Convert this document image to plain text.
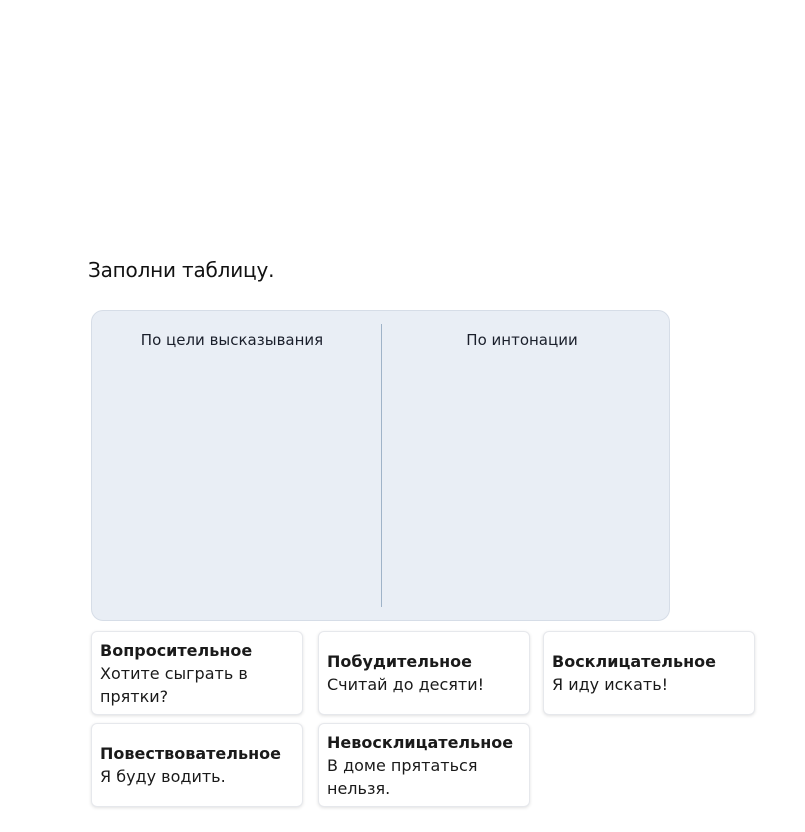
Заполни таблицу.
По цели высказывания	По интонации
Вопросительное
Хотите сыграть в
прятки?
Побудительное
Считай до десяти!
Восклицательное
Я иду искать!
Повествовательное
Я буду водить.
Невосклицательное
В доме прятаться
нельзя.
